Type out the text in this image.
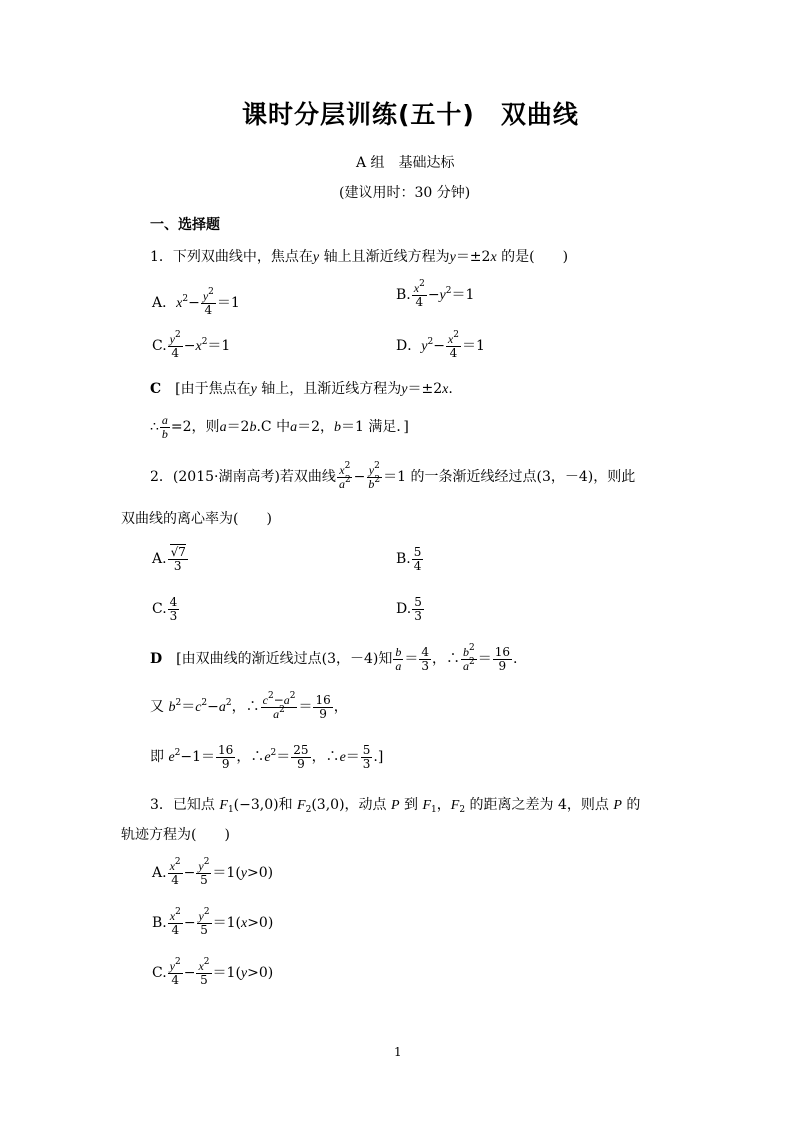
课时分层训练(五十)　双曲线
A 组　基础达标
(建议用时：30 分钟)
一、选择题
1．下列双曲线中，焦点在y 轴上且渐近线方程为y＝±2x 的是(　　)
A．$x^2- \frac{y^2}{4} =1$	B. $\frac{x^2}{4} -y^2=1$
C. $\frac{y^2}{4} -x^2=1$	D．$y^2- \frac{x^2}{4} =1$
C　 [由于焦点在y 轴上，且渐近线方程为y＝±2x.
∴ $\frac{a}{b} =2$，则a＝2b.C 中a＝2，b＝1 满足．]
2．(2015·湖南高考)若双曲线 $\frac{x^2}{a^2} - \frac{y^2}{b^2} =1$ 的一条渐近线经过点(3，－4)，则此
双曲线的离心率为(　　)
A. $\frac{√7}{3}$	B. $\frac{5}{4}$
C. $\frac{4}{3}$	D. $\frac{5}{3}$
D　 [由双曲线的渐近线过点(3，－4)知 $\frac{b}{a} = \frac{4}{3}$ ，∴ $\frac{b^2}{a^2} = \frac{16}{9}$ .
又 $b^2=c^2-a^2$，∴ $\frac{c^2-a^2}{a^2} = \frac{16}{9}$ ，
即 $e^2-1= \frac{16}{9}$ ，$\therefore e^2= \frac{25}{9}$ ，∴e＝ $\frac{5}{3}$ .]
3．已知点 $F_1(-3,0)$和 $F_2(3,0)$，动点 P 到 $F_1$，$F_2$ 的距离之差为 4，则点 P 的
轨迹方程为(　　)
A. $\frac{x^2}{4} - \frac{y^2}{5} =1(y>0)$
B. $\frac{x^2}{4} - \frac{y^2}{5} =1(x>0)$
C. $\frac{y^2}{4} - \frac{x^2}{5} =1(y>0)$
1
